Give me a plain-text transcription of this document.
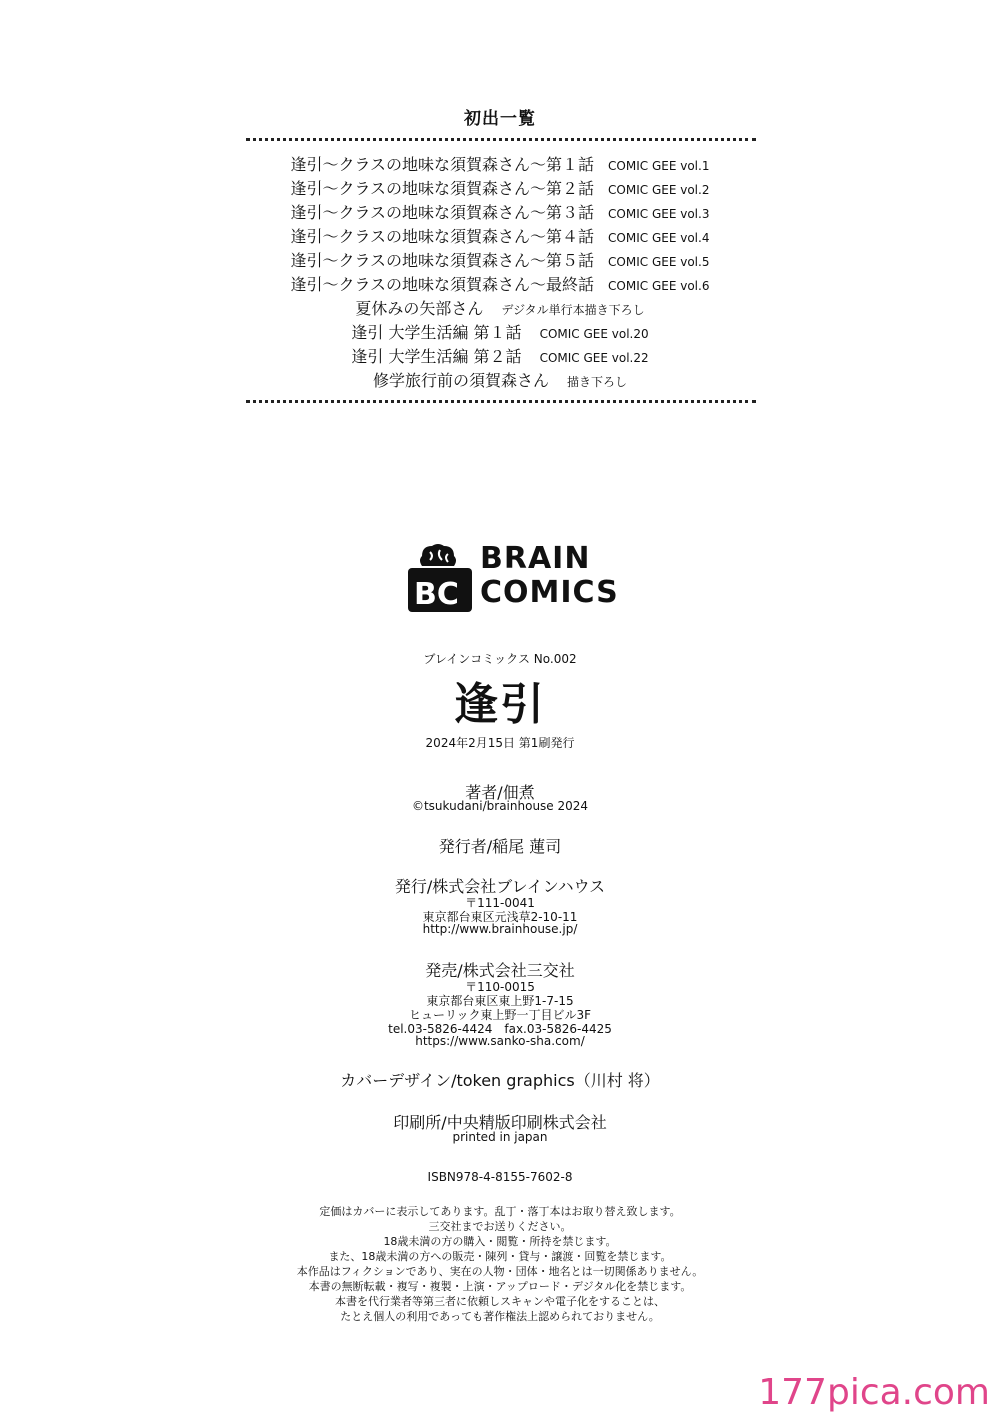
初出一覧
逢引～クラスの地味な須賀森さん～第１話 COMIC GEE vol.1
逢引～クラスの地味な須賀森さん～第２話 COMIC GEE vol.2
逢引～クラスの地味な須賀森さん～第３話 COMIC GEE vol.3
逢引～クラスの地味な須賀森さん～第４話 COMIC GEE vol.4
逢引～クラスの地味な須賀森さん～第５話 COMIC GEE vol.5
逢引～クラスの地味な須賀森さん～最終話 COMIC GEE vol.6
夏休みの矢部さん デジタル単行本描き下ろし
逢引 大学生活編 第１話 COMIC GEE vol.20
逢引 大学生活編 第２話 COMIC GEE vol.22
修学旅行前の須賀森さん 描き下ろし
BC
BRAIN
COMICS
ブレインコミックス No.002
逢引
2024年2月15日 第1刷発行
著者/佃煮
©tsukudani/brainhouse 2024
発行者/稲尾 蓮司
発行/株式会社ブレインハウス
〒111-0041
東京都台東区元浅草2-10-11
http://www.brainhouse.jp/
発売/株式会社三交社
〒110-0015
東京都台東区東上野1-7-15
ヒューリック東上野一丁目ビル3F
tel.03-5826-4424　fax.03-5826-4425
https://www.sanko-sha.com/
カバーデザイン/token graphics（川村 将）
印刷所/中央精版印刷株式会社
printed in japan
ISBN978-4-8155-7602-8
定価はカバーに表示してあります。乱丁・落丁本はお取り替え致します。
三交社までお送りください。
18歳未満の方の購入・閲覧・所持を禁じます。
また、18歳未満の方への販売・陳列・貸与・譲渡・回覧を禁じます。
本作品はフィクションであり、実在の人物・団体・地名とは一切関係ありません。
本書の無断転載・複写・複製・上演・アップロード・デジタル化を禁じます。
本書を代行業者等第三者に依頼しスキャンや電子化をすることは、
たとえ個人の利用であっても著作権法上認められておりません。
177pica.com
